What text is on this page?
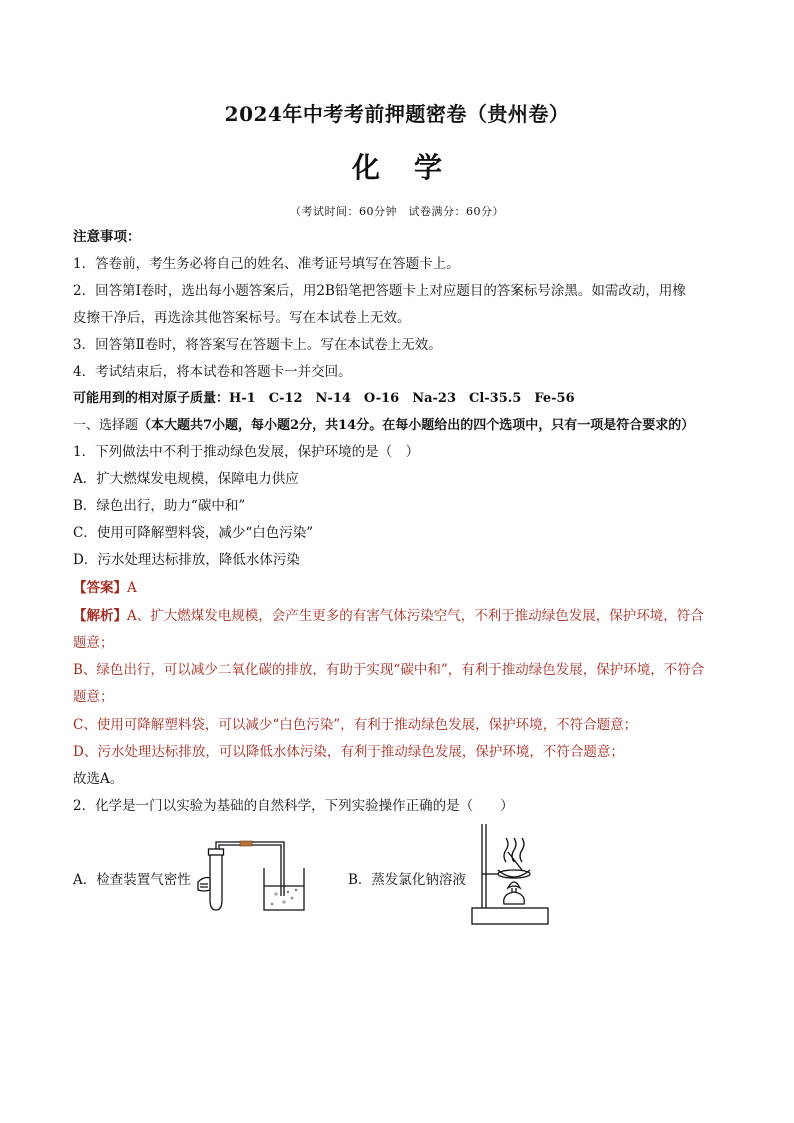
2024年中考考前押题密卷（贵州卷）
化学
（考试时间：60分钟　试卷满分：60分）
注意事项：
1．答卷前，考生务必将自己的姓名、准考证号填写在答题卡上。
2．回答第Ⅰ卷时，选出每小题答案后，用2B铅笔把答题卡上对应题目的答案标号涂黑。如需改动，用橡
皮擦干净后，再选涂其他答案标号。写在本试卷上无效。
3．回答第Ⅱ卷时，将答案写在答题卡上。写在本试卷上无效。
4．考试结束后，将本试卷和答题卡一并交回。
可能用到的相对原子质量：H-1　C-12　N-14　O-16　Na-23　Cl-35.5　Fe-56
一、选择题（本大题共7小题，每小题2分，共14分。在每小题给出的四个选项中，只有一项是符合要求的）
1．下列做法中不利于推动绿色发展，保护环境的是（　）
A．扩大燃煤发电规模，保障电力供应
B．绿色出行，助力“碳中和”
C．使用可降解塑料袋，减少“白色污染”
D．污水处理达标排放，降低水体污染
【答案】A
【解析】A、扩大燃煤发电规模，会产生更多的有害气体污染空气，不利于推动绿色发展，保护环境，符合
题意；
B、绿色出行，可以减少二氧化碳的排放，有助于实现“碳中和”，有利于推动绿色发展，保护环境，不符合
题意；
C、使用可降解塑料袋，可以减少“白色污染”，有利于推动绿色发展，保护环境，不符合题意；
D、污水处理达标排放，可以降低水体污染，有利于推动绿色发展，保护环境，不符合题意；
故选A。
2．化学是一门以实验为基础的自然科学，下列实验操作正确的是（　　）
A．检查装置气密性	B．蒸发氯化钠溶液
